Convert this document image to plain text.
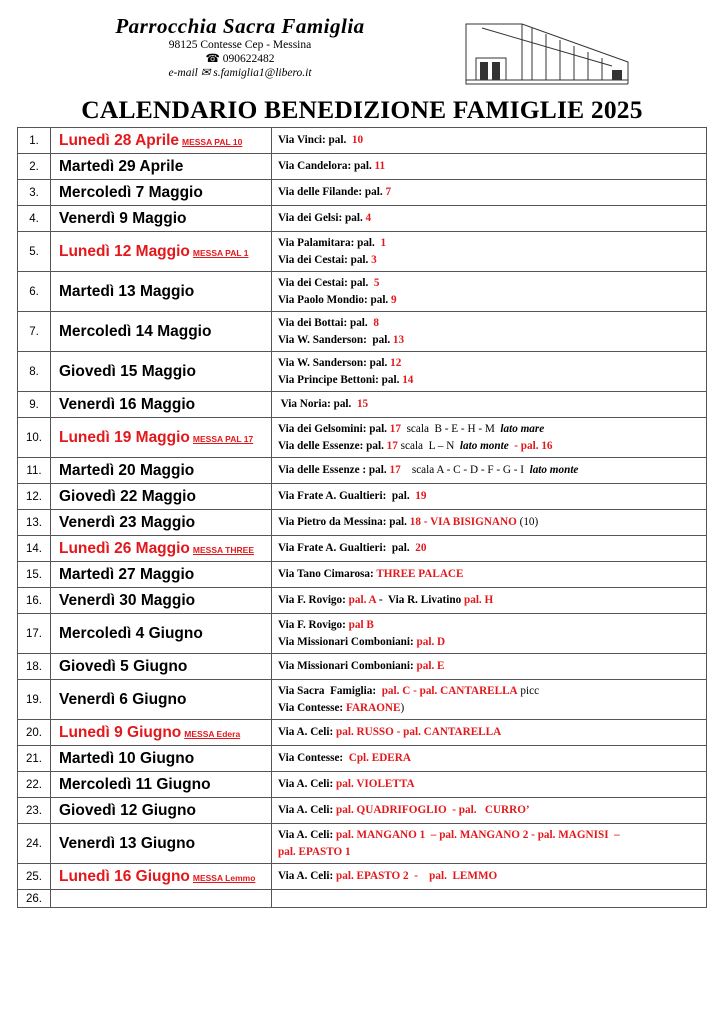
Parrocchia Sacra Famiglia
98125 Contesse Cep - Messina
☎ 090622482
e-mail ✉ s.famiglia1@libero.it
CALENDARIO BENEDIZIONE FAMIGLIE 2025
1.	Lunedì 28 Aprile MESSA PAL 10	Via Vinci: pal.  10

2.	Martedì 29 Aprile	Via Candelora: pal. 11

3.	Mercoledì 7 Maggio	Via delle Filande: pal. 7

4.	Venerdì 9 Maggio	Via dei Gelsi: pal. 4

5.	Lunedì 12 Maggio MESSA PAL 1	Via Palamitara: pal.  1
Via dei Cestai: pal. 3

6.	Martedì 13 Maggio	Via dei Cestai: pal.  5
Via Paolo Mondio: pal. 9

7.	Mercoledì 14 Maggio	Via dei Bottai: pal.  8
Via W. Sanderson:  pal. 13

8.	Giovedì 15 Maggio	Via W. Sanderson: pal. 12
Via Principe Bettoni: pal. 14

9.	Venerdì 16 Maggio	Via Noria: pal.  15

10.	Lunedì 19 Maggio MESSA PAL 17	Via dei Gelsomini: pal. 17  scala  B - E - H - M  lato mare
Via delle Essenze: pal. 17 scala  L – N  lato monte  - pal. 16

11.	Martedì 20 Maggio	Via delle Essenze : pal. 17    scala A - C - D - F - G - I  lato monte

12.	Giovedì 22 Maggio	Via Frate A. Gualtieri:  pal.  19

13.	Venerdì 23 Maggio	Via Pietro da Messina: pal. 18 - VIA BISIGNANO (10)

14.	Lunedì 26 Maggio MESSA THREE	Via Frate A. Gualtieri:  pal.  20

15.	Martedì 27 Maggio	Via Tano Cimarosa: THREE PALACE

16.	Venerdì 30 Maggio	Via F. Rovigo: pal. A -  Via R. Livatino pal. H

17.	Mercoledì 4 Giugno	Via F. Rovigo: pal B
Via Missionari Comboniani: pal. D

18.	Giovedì 5 Giugno	Via Missionari Comboniani: pal. E

19.	Venerdì 6 Giugno	Via Sacra  Famiglia:  pal. C - pal. CANTARELLA picc
Via Contesse: FARAONE)

20.	Lunedì 9 Giugno MESSA Edera	Via A. Celi: pal. RUSSO - pal. CANTARELLA

21.	Martedì 10 Giugno	Via Contesse:  Cpl. EDERA

22.	Mercoledì 11 Giugno	Via A. Celi: pal. VIOLETTA

23.	Giovedì 12 Giugno	Via A. Celi: pal. QUADRIFOGLIO  - pal.   CURRO’

24.	Venerdì 13 Giugno	Via A. Celi: pal. MANGANO 1  – pal. MANGANO 2 - pal. MAGNISI  –
pal. EPASTO 1

25.	Lunedì 16 Giugno MESSA Lemmo	Via A. Celi: pal. EPASTO 2  -    pal.  LEMMO

26.		
